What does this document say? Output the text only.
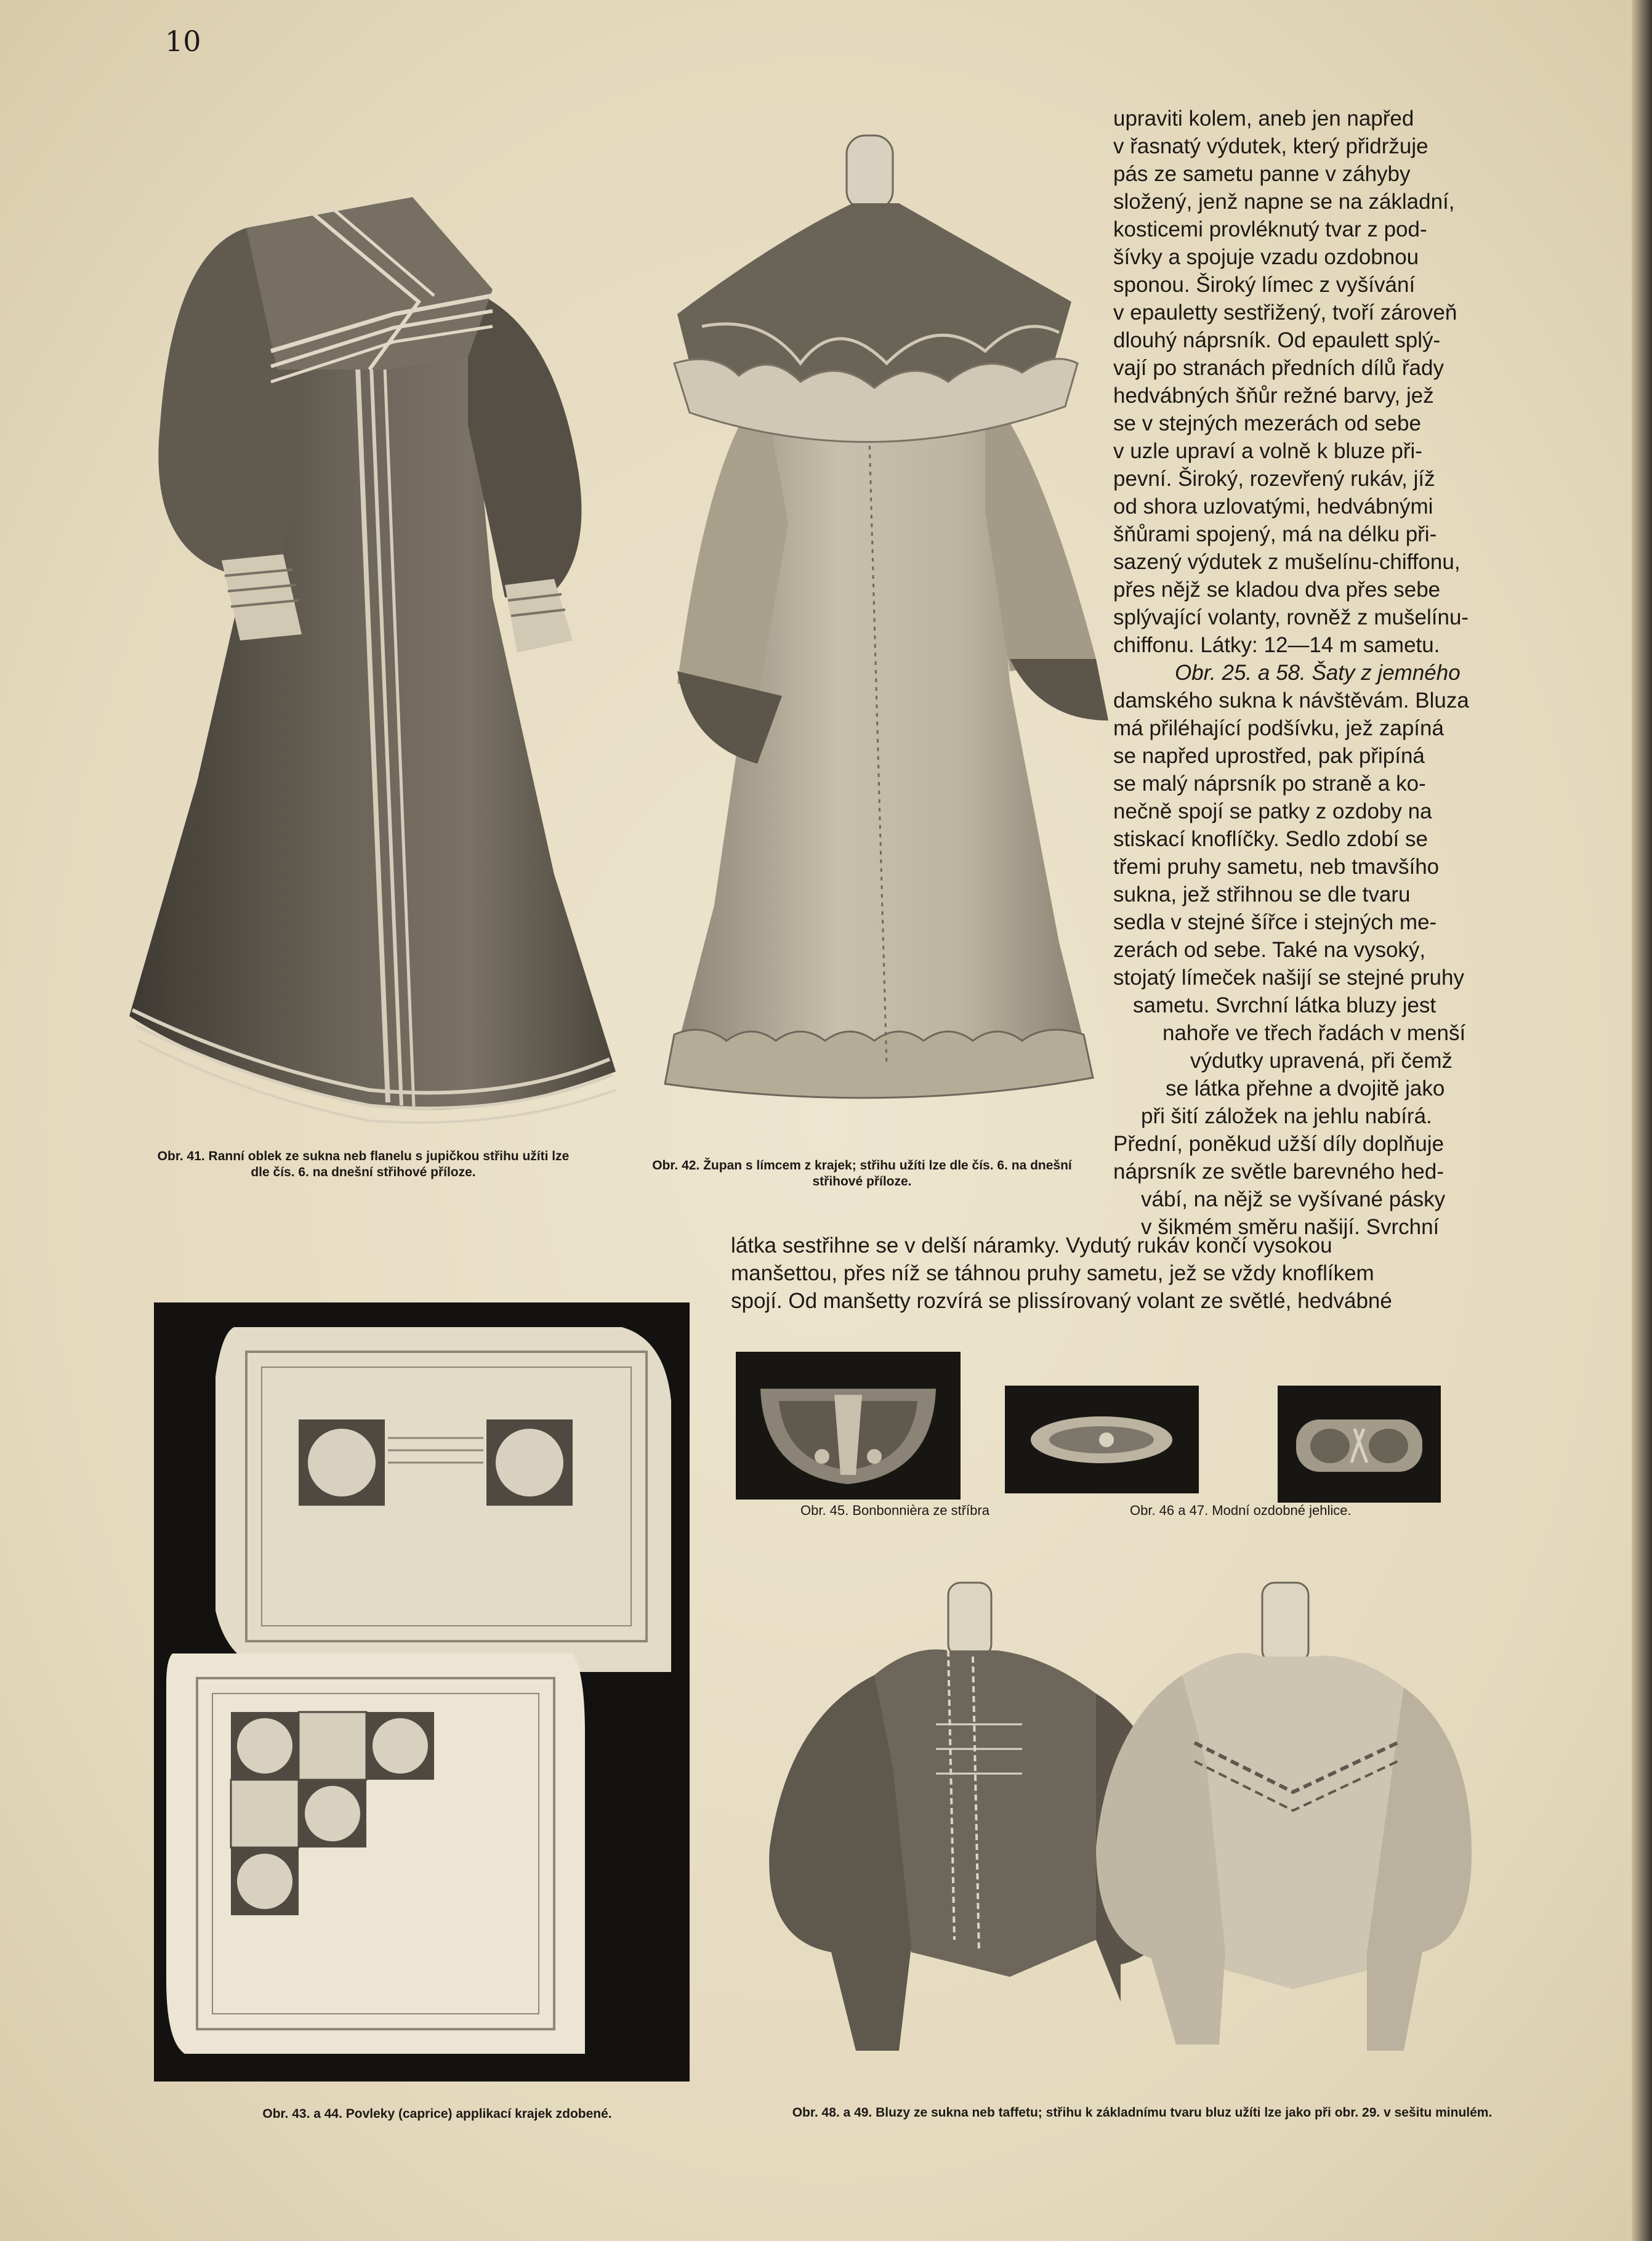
10
upraviti kolem, aneb jen napřed
v řasnatý výdutek, který přidržuje
pás ze sametu panne v záhyby
složený, jenž napne se na základní,
kosticemi provléknutý tvar z pod-
šívky a spojuje vzadu ozdobnou
sponou. Široký límec z vyšívání
v epauletty sestřižený, tvoří zároveň
dlouhý náprsník. Od epaulett splý-
vají po stranách předních dílů řady
hedvábných šňůr režné barvy, jež
se v stejných mezerách od sebe
v uzle upraví a volně k bluze při-
pevní. Široký, rozevřený rukáv, jíž
od shora uzlovatými, hedvábnými
šňůrami spojený, má na délku při-
sazený výdutek z mušelínu-chiffonu,
přes nějž se kladou dva přes sebe
splývající volanty, rovněž z mušelínu-
chiffonu. Látky: 12—14 m sametu.
Obr. 25. a 58. Šaty z jemného
damského sukna k návštěvám. Bluza
má přiléhající podšívku, jež zapíná
se napřed uprostřed, pak připíná
se malý náprsník po straně a ko-
nečně spojí se patky z ozdoby na
stiskací knoflíčky. Sedlo zdobí se
třemi pruhy sametu, neb tmavšího
sukna, jež střihnou se dle tvaru
sedla v stejné šířce i stejných me-
zerách od sebe. Také na vysoký,
stojatý límeček našijí se stejné pruhy
sametu. Svrchní látka bluzy jest
nahoře ve třech řadách v menší
výdutky upravená, při čemž
se látka přehne a dvojitě jako
při šití záložek na jehlu nabírá.
Přední, poněkud užší díly doplňuje
náprsník ze světle barevného hed-
vábí, na nějž se vyšívané pásky
v šikmém směru našijí. Svrchní
látka sestřihne se v delší náramky. Vydutý rukáv končí vysokou
manšettou, přes níž se táhnou pruhy sametu, jež se vždy knoflíkem
spojí. Od manšetty rozvírá se plissírovaný volant ze světlé, hedvábné
Obr. 41. Ranní oblek ze sukna neb flanelu s jupičkou střihu užíti lze dle čís. 6. na dnešní střihové příloze.	Obr. 42. Župan s límcem z krajek; střihu užíti lze dle čís. 6. na dnešní střihové příloze.
Obr. 43. a 44. Povleky (caprice) applikací krajek zdobené.
Obr. 45. Bonbonnièra ze stříbra	Obr. 46 a 47. Modní ozdobné jehlice.
Obr. 48. a 49. Bluzy ze sukna neb taffetu; střihu k základnímu tvaru bluz užíti lze jako při obr. 29. v sešitu minulém.
